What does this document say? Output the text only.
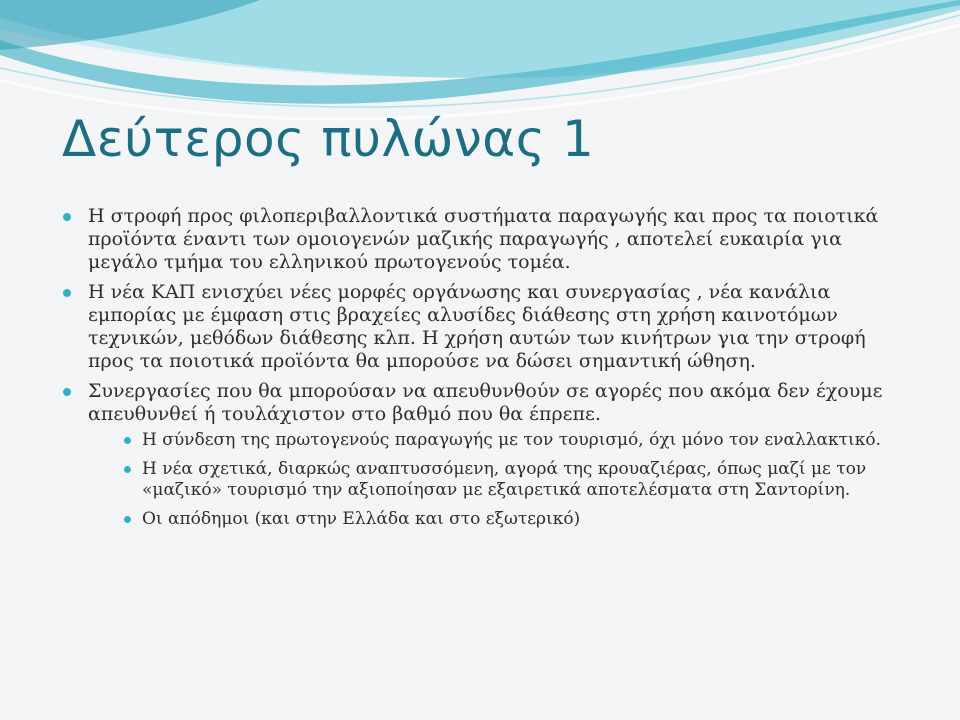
Δεύτερος πυλώνας 1
Η στροφή προς φιλοπεριβαλλοντικά συστήματα παραγωγής και προς τα ποιοτικά προϊόντα έναντι των ομοιογενών μαζικής παραγωγής , αποτελεί ευκαιρία για μεγάλο τμήμα του ελληνικού πρωτογενούς τομέα.
Η νέα ΚΑΠ ενισχύει νέες μορφές οργάνωσης και συνεργασίας , νέα κανάλια εμπορίας με έμφαση στις βραχείες αλυσίδες διάθεσης στη χρήση καινοτόμων τεχνικών, μεθόδων διάθεσης κλπ. Η χρήση αυτών των κινήτρων για την στροφή προς τα ποιοτικά προϊόντα θα μπορούσε να δώσει σημαντική ώθηση.
Συνεργασίες που θα μπορούσαν να απευθυνθούν σε αγορές που ακόμα δεν έχουμε απευθυνθεί ή τουλάχιστον στο βαθμό που θα έπρεπε.
Η σύνδεση της πρωτογενούς παραγωγής με τον τουρισμό, όχι μόνο τον εναλλακτικό.
Η νέα σχετικά, διαρκώς αναπτυσσόμενη, αγορά της κρουαζιέρας, όπως μαζί με τον «μαζικό» τουρισμό την αξιοποίησαν με εξαιρετικά αποτελέσματα στη Σαντορίνη.
Οι απόδημοι (και στην Ελλάδα και στο εξωτερικό)
